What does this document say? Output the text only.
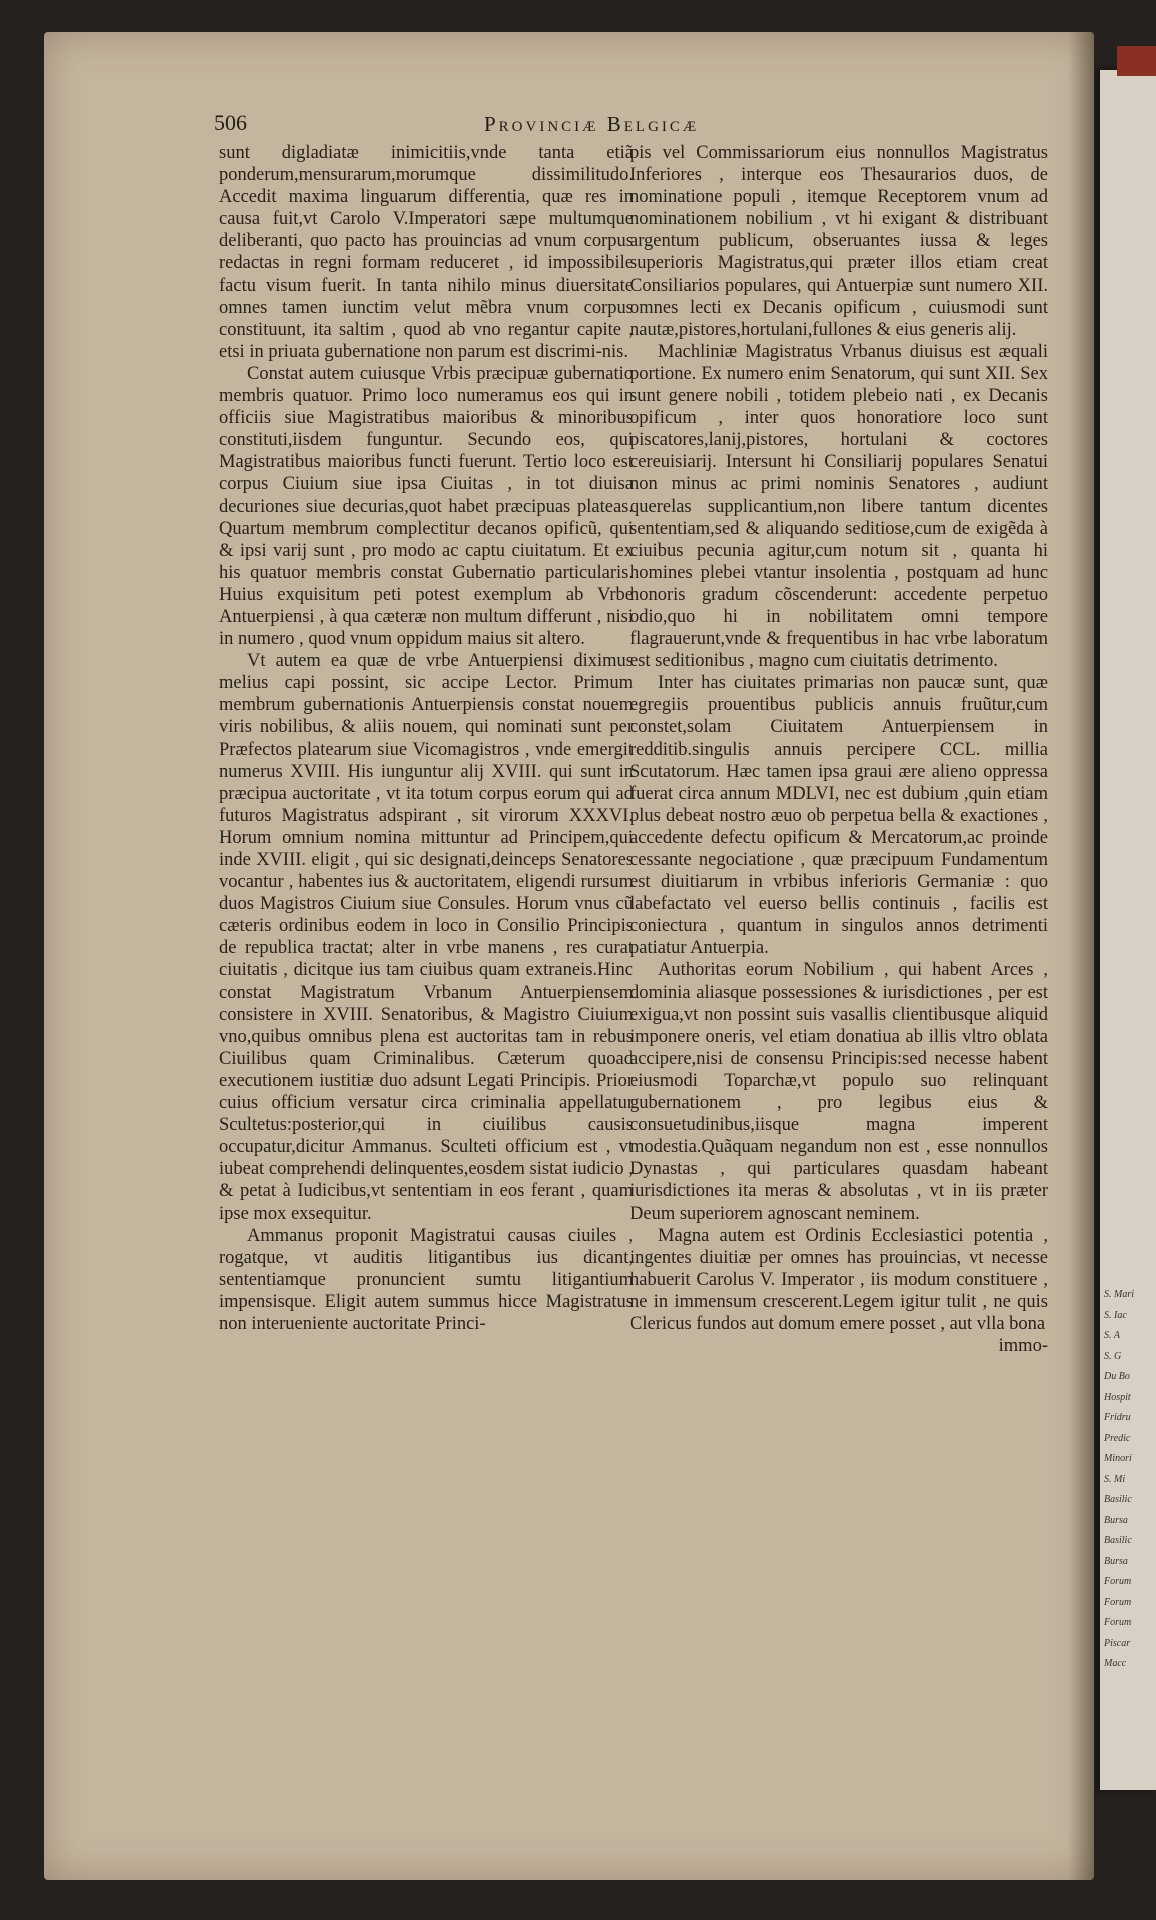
S. Mari
S. Iac
S. A
S. G
Du Bo
Hospit
Fridru
Predic
Minori
S. Mi
Basilic
Bursa
Basilic
Bursa
Forum
Forum
Forum
Piscar
Macc
506	Provinciæ Belgicæ

sunt digladiatæ inimicitiis,vnde tanta etiã ponderum,mensurarum,morumque dissimilitudo. Accedit maxima linguarum differentia, quæ res in causa fuit,vt Carolo V.Imperatori sæpe multumque deliberanti, quo pacto has prouincias ad vnum corpus redactas in regni formam reduceret , id impossibile factu visum fuerit. In tanta nihilo minus diuersitate omnes tamen iunctim velut mẽbra vnum corpus constituunt, ita saltim , quod ab vno regantur capite , etsi in priuata gubernatione non parum est discrimi-nis.

Constat autem cuiusque Vrbis præcipuæ gubernatio membris quatuor. Primo loco numeramus eos qui in officiis siue Magistratibus maioribus & minoribus constituti,iisdem funguntur. Secundo eos, qui Magistratibus maioribus functi fuerunt. Tertio loco est corpus Ciuium siue ipsa Ciuitas , in tot diuisa decuriones siue decurias,quot habet præcipuas plateas. Quartum membrum complectitur decanos opificũ, qui & ipsi varij sunt , pro modo ac captu ciuitatum. Et ex his quatuor membris constat Gubernatio particularis. Huius exquisitum peti potest exemplum ab Vrbe Antuerpiensi , à qua cæteræ non multum differunt , nisi in numero , quod vnum oppidum maius sit altero.

Vt autem ea quæ de vrbe Antuerpiensi diximus melius capi possint, sic accipe Lector. Primum membrum gubernationis Antuerpiensis constat nouem viris nobilibus, & aliis nouem, qui nominati sunt per Præfectos platearum siue Vicomagistros , vnde emergit numerus XVIII. His iunguntur alij XVIII. qui sunt in præcipua auctoritate , vt ita totum corpus eorum qui ad futuros Magistratus adspirant , sit virorum XXXVI. Horum omnium nomina mittuntur ad Principem,qui inde XVIII. eligit , qui sic designati,deinceps Senatores vocantur , habentes ius & auctoritatem, eligendi rursum duos Magistros Ciuium siue Consules. Horum vnus cũ cæteris ordinibus eodem in loco in Consilio Principis de republica tractat; alter in vrbe manens , res curat ciuitatis , dicitque ius tam ciuibus quam extraneis.Hinc constat Magistratum Vrbanum Antuerpiensem consistere in XVIII. Senatoribus, & Magistro Ciuium vno,quibus omnibus plena est auctoritas tam in rebus Ciuilibus quam Criminalibus. Cæterum quoad executionem iustitiæ duo adsunt Legati Principis. Prior cuius officium versatur circa criminalia appellatur Scultetus:posterior,qui in ciuilibus causis occupatur,dicitur Ammanus. Sculteti officium est , vt iubeat comprehendi delinquentes,eosdem sistat iudicio , & petat à Iudicibus,vt sententiam in eos ferant , quam ipse mox exsequitur.

Ammanus proponit Magistratui causas ciuiles , rogatque, vt auditis litigantibus ius dicant, sententiamque pronuncient sumtu litigantium impensisque. Eligit autem summus hicce Magistratus non interueniente auctoritate Princi-

pis vel Commissariorum eius nonnullos Magistratus Inferiores , interque eos Thesaurarios duos, de nominatione populi , itemque Receptorem vnum ad nominationem nobilium , vt hi exigant & distribuant argentum publicum, obseruantes iussa & leges superioris Magistratus,qui præter illos etiam creat Consiliarios populares, qui Antuerpiæ sunt numero XII. omnes lecti ex Decanis opificum , cuiusmodi sunt nautæ,pistores,hortulani,fullones & eius generis alij.

Machliniæ Magistratus Vrbanus diuisus est æquali portione. Ex numero enim Senatorum, qui sunt XII. Sex sunt genere nobili , totidem plebeio nati , ex Decanis opificum , inter quos honoratiore loco sunt piscatores,lanij,pistores, hortulani & coctores cereuisiarij. Intersunt hi Consiliarij populares Senatui non minus ac primi nominis Senatores , audiunt querelas supplicantium,non libere tantum dicentes sententiam,sed & aliquando seditiose,cum de exigẽda à ciuibus pecunia agitur,cum notum sit , quanta hi homines plebei vtantur insolentia , postquam ad hunc honoris gradum cõscenderunt: accedente perpetuo odio,quo hi in nobilitatem omni tempore flagrauerunt,vnde & frequentibus in hac vrbe laboratum est seditionibus , magno cum ciuitatis detrimento.

Inter has ciuitates primarias non paucæ sunt, quæ egregiis prouentibus publicis annuis fruũtur,cum constet,solam Ciuitatem Antuerpiensem in redditib.singulis annuis percipere CCL. millia Scutatorum. Hæc tamen ipsa graui ære alieno oppressa fuerat circa annum MDLVI, nec est dubium ,quin etiam plus debeat nostro æuo ob perpetua bella & exactiones , accedente defectu opificum & Mercatorum,ac proinde cessante negociatione , quæ præcipuum Fundamentum est diuitiarum in vrbibus inferioris Germaniæ : quo labefactato vel euerso bellis continuis , facilis est coniectura , quantum in singulos annos detrimenti patiatur Antuerpia.

Authoritas eorum Nobilium , qui habent Arces , dominia aliasque possessiones & iurisdictiones , per est exigua,vt non possint suis vasallis clientibusque aliquid imponere oneris, vel etiam donatiua ab illis vltro oblata accipere,nisi de consensu Principis:sed necesse habent eiusmodi Toparchæ,vt populo suo relinquant gubernationem , pro legibus eius & consuetudinibus,iisque magna imperent modestia.Quãquam negandum non est , esse nonnullos Dynastas , qui particulares quasdam habeant iurisdictiones ita meras & absolutas , vt in iis præter Deum superiorem agnoscant neminem.

Magna autem est Ordinis Ecclesiastici potentia , ingentes diuitiæ per omnes has prouincias, vt necesse habuerit Carolus V. Imperator , iis modum constituere , ne in immensum crescerent.Legem igitur tulit , ne quis Clericus fundos aut domum emere posset , aut vlla bona

immo-
